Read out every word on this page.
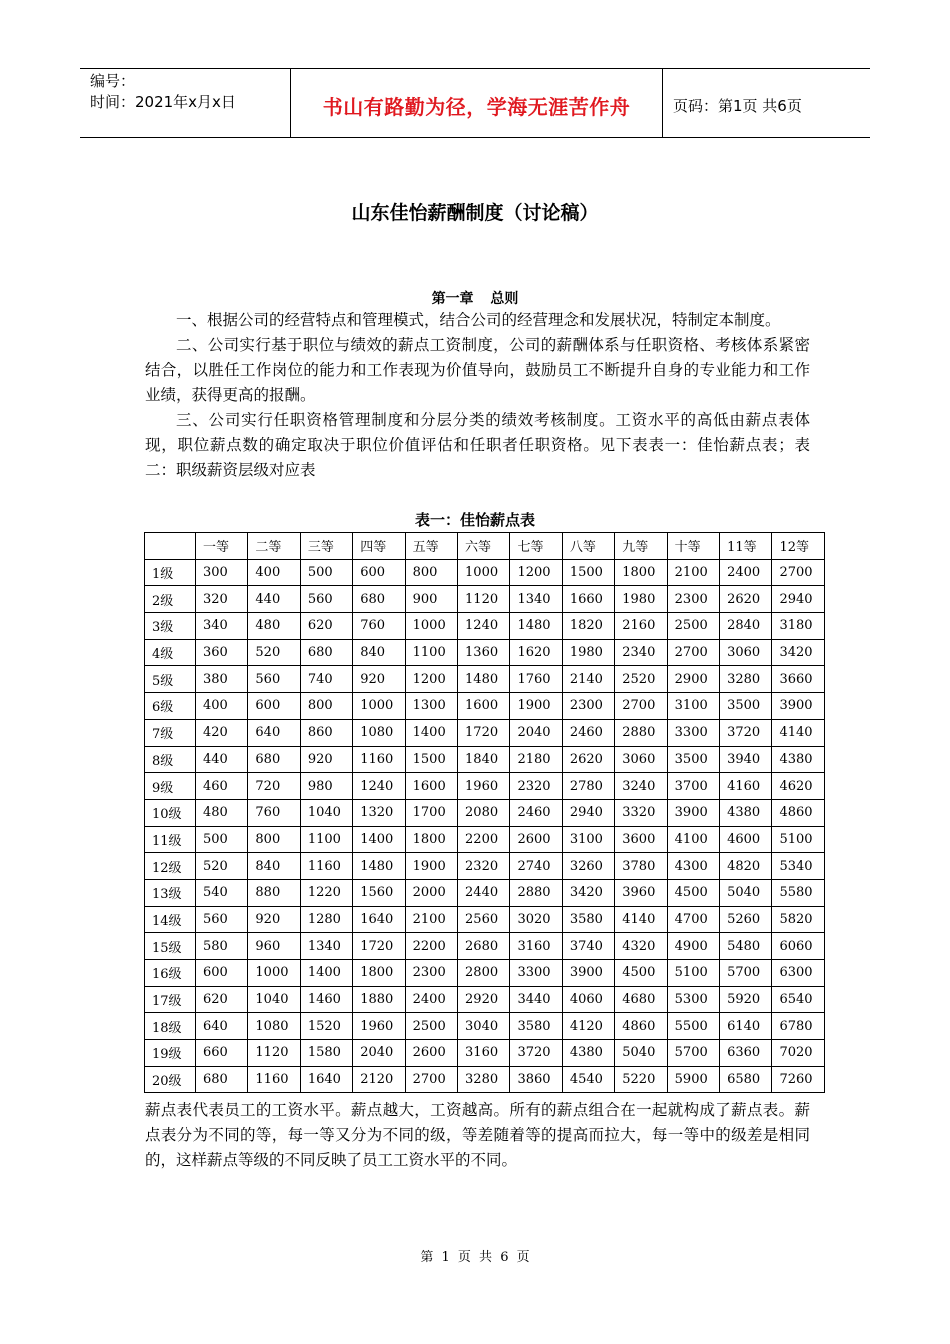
编号：
时间：2021年x月x日	书山有路勤为径，学海无涯苦作舟	页码：第1页 共6页
山东佳怡薪酬制度（讨论稿）
第一章 总则

一、根据公司的经营特点和管理模式，结合公司的经营理念和发展状况，特制定本制度。

二、公司实行基于职位与绩效的薪点工资制度，公司的薪酬体系与任职资格、考核体系紧密结合，以胜任工作岗位的能力和工作表现为价值导向，鼓励员工不断提升自身的专业能力和工作业绩，获得更高的报酬。

三、公司实行任职资格管理制度和分层分类的绩效考核制度。工资水平的高低由薪点表体现，职位薪点数的确定取决于职位价值评估和任职者任职资格。见下表表一：佳怡薪点表；表二：职级薪资层级对应表

表一：佳怡薪点表
	一等	二等	三等	四等	五等	六等	七等	八等	九等	十等	11等	12等
1级	300	400	500	600	800	1000	1200	1500	1800	2100	2400	2700
2级	320	440	560	680	900	1120	1340	1660	1980	2300	2620	2940
3级	340	480	620	760	1000	1240	1480	1820	2160	2500	2840	3180
4级	360	520	680	840	1100	1360	1620	1980	2340	2700	3060	3420
5级	380	560	740	920	1200	1480	1760	2140	2520	2900	3280	3660
6级	400	600	800	1000	1300	1600	1900	2300	2700	3100	3500	3900
7级	420	640	860	1080	1400	1720	2040	2460	2880	3300	3720	4140
8级	440	680	920	1160	1500	1840	2180	2620	3060	3500	3940	4380
9级	460	720	980	1240	1600	1960	2320	2780	3240	3700	4160	4620
10级	480	760	1040	1320	1700	2080	2460	2940	3320	3900	4380	4860
11级	500	800	1100	1400	1800	2200	2600	3100	3600	4100	4600	5100
12级	520	840	1160	1480	1900	2320	2740	3260	3780	4300	4820	5340
13级	540	880	1220	1560	2000	2440	2880	3420	3960	4500	5040	5580
14级	560	920	1280	1640	2100	2560	3020	3580	4140	4700	5260	5820
15级	580	960	1340	1720	2200	2680	3160	3740	4320	4900	5480	6060
16级	600	1000	1400	1800	2300	2800	3300	3900	4500	5100	5700	6300
17级	620	1040	1460	1880	2400	2920	3440	4060	4680	5300	5920	6540
18级	640	1080	1520	1960	2500	3040	3580	4120	4860	5500	6140	6780
19级	660	1120	1580	2040	2600	3160	3720	4380	5040	5700	6360	7020
20级	680	1160	1640	2120	2700	3280	3860	4540	5220	5900	6580	7260
薪点表代表员工的工资水平。薪点越大，工资越高。所有的薪点组合在一起就构成了薪点表。薪点表分为不同的等，每一等又分为不同的级，等差随着等的提高而拉大，每一等中的级差是相同的，这样薪点等级的不同反映了员工工资水平的不同。
第 1 页 共 6 页
